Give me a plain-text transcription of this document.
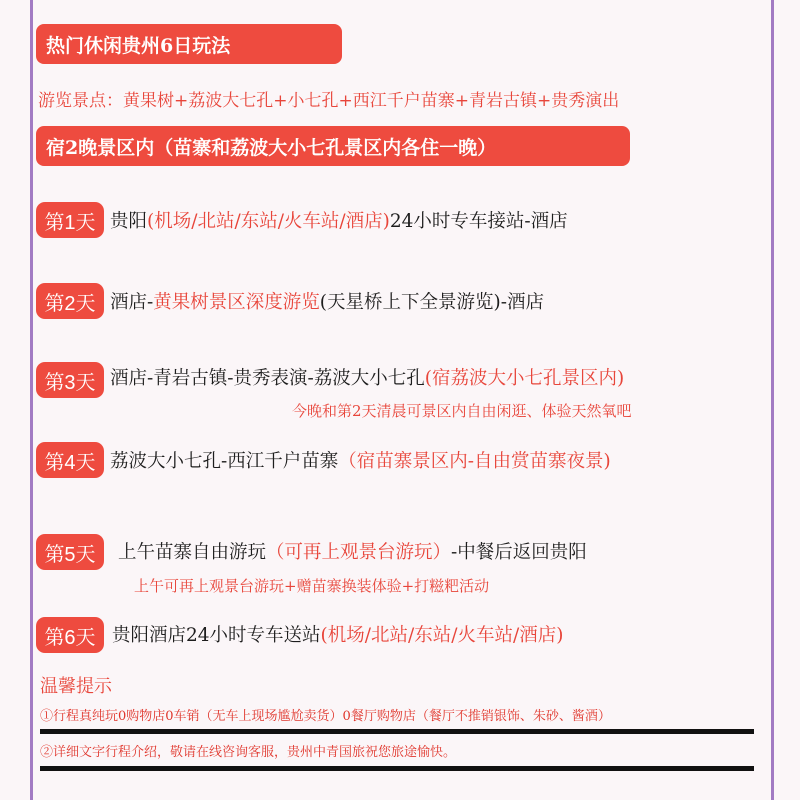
热门休闲贵州6日玩法
游览景点：黄果树+荔波大七孔+小七孔+西江千户苗寨+青岩古镇+贵秀演出
宿2晚景区内（苗寨和荔波大小七孔景区内各住一晚）
第1天 贵阳(机场/北站/东站/火车站/酒店)24小时专车接站-酒店
第2天 酒店-黄果树景区深度游览(天星桥上下全景游览)-酒店
第3天 酒店-青岩古镇-贵秀表演-荔波大小七孔(宿荔波大小七孔景区内)
今晚和第2天清晨可景区内自由闲逛、体验天然氧吧
第4天 荔波大小七孔-西江千户苗寨（宿苗寨景区内-自由赏苗寨夜景)
第5天	上午苗寨自由游玩（可再上观景台游玩）-中餐后返回贵阳
上午可再上观景台游玩+赠苗寨换装体验+打糍粑活动
第6天 贵阳酒店24小时专车送站(机场/北站/东站/火车站/酒店)
温馨提示
①行程真纯玩0购物店0车销（无车上现场尴尬卖货）0餐厅购物店（餐厅不推销银饰、朱砂、酱酒）
②详细文字行程介绍，敬请在线咨询客服，贵州中青国旅祝您旅途愉快。
